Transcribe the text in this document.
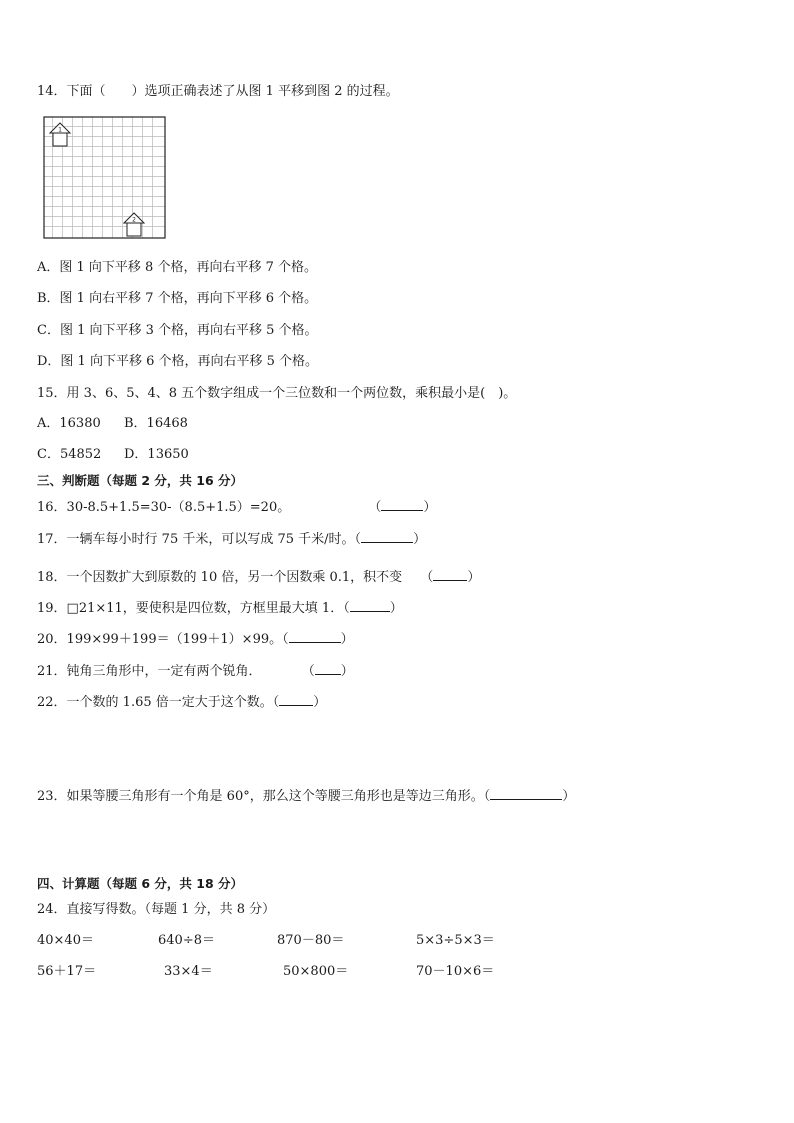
14．下面（　　）选项正确表述了从图 1 平移到图 2 的过程。
1
2
A．图 1 向下平移 8 个格，再向右平移 7 个格。
B．图 1 向右平移 7 个格，再向下平移 6 个格。
C．图 1 向下平移 3 个格，再向右平移 5 个格。
D．图 1 向下平移 6 个格，再向右平移 5 个格。
15．用 3、6、5、4、8 五个数字组成一个三位数和一个两位数，乘积最小是(　)。
A．16380 B．16468
C．54852 D．13650
三、判断题（每题 2 分，共 16 分）
16．30-8.5+1.5=30-（8.5+1.5）=20。	（	）
17．一辆车每小时行 75 千米，可以写成 75 千米/时。（	）
18．一个因数扩大到原数的 10 倍，另一个因数乘 0.1，积不变 （	）
19．□21×11，要使积是四位数，方框里最大填 1．（	）
20．199×99＋199＝（199＋1）×99。（	）
21．钝角三角形中，一定有两个锐角．	（ ）
22．一个数的 1.65 倍一定大于这个数。（	）
23．如果等腰三角形有一个角是 60°，那么这个等腰三角形也是等边三角形。（	）
四、计算题（每题 6 分，共 18 分）
24．直接写得数。（每题 1 分，共 8 分）
40×40＝	640÷8＝	870－80＝	5×3÷5×3＝
56＋17＝	33×4＝	50×800＝	70－10×6＝
